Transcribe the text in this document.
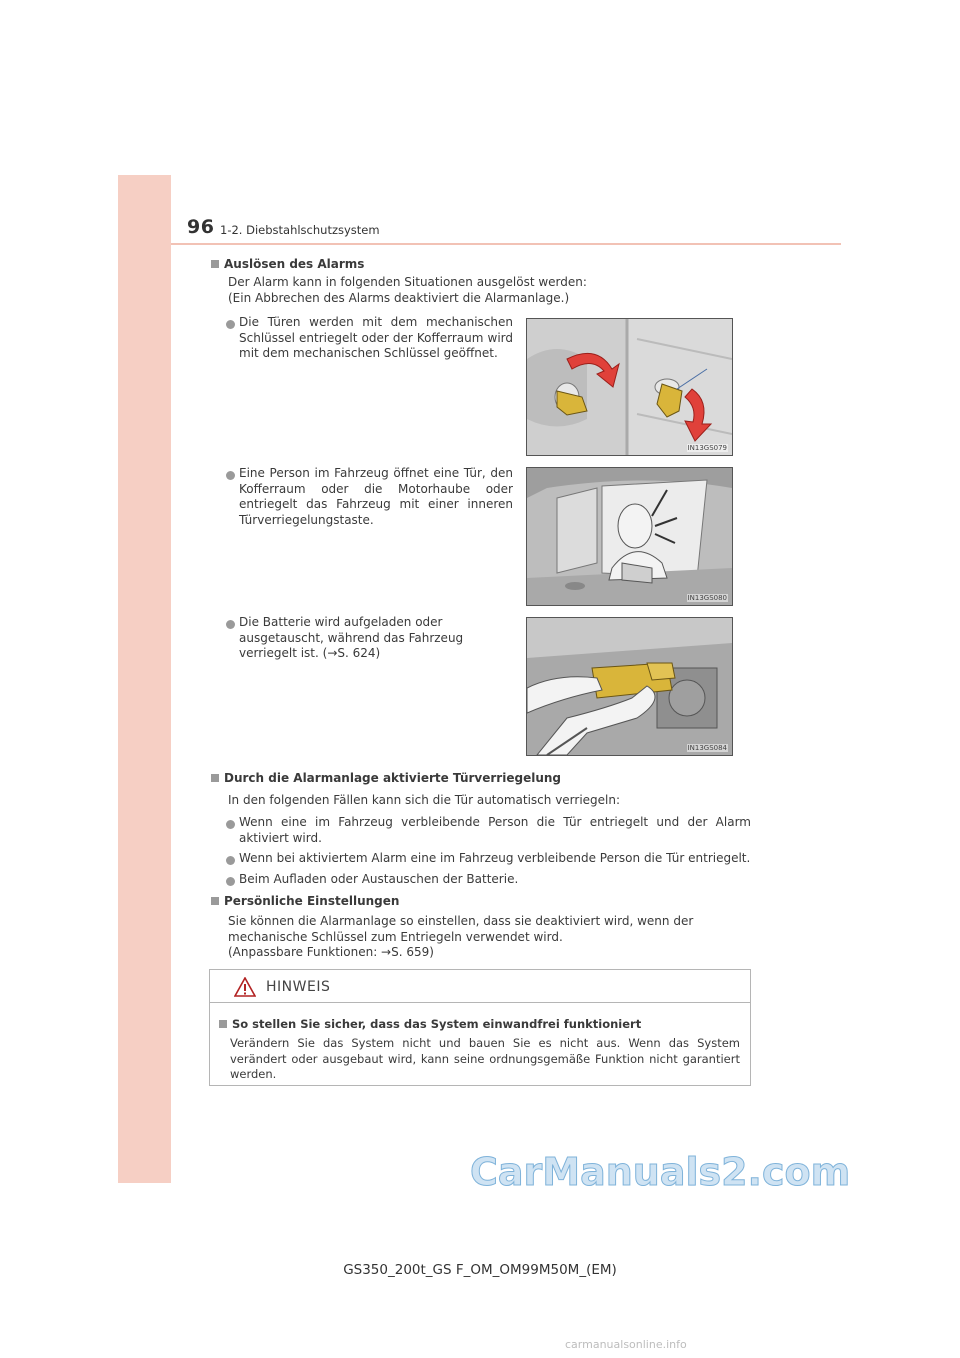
96 1-2. Diebstahlschutzsystem
Auslösen des Alarms
Der Alarm kann in folgenden Situationen ausgelöst werden:
(Ein Abbrechen des Alarms deaktiviert die Alarmanlage.)
Die Türen werden mit dem mechanischen Schlüssel entriegelt oder der Kofferraum wird mit dem mechanischen Schlüssel geöffnet.
IN13GS079
Eine Person im Fahrzeug öffnet eine Tür, den Kofferraum oder die Motorhaube oder entriegelt das Fahrzeug mit einer inneren Türverriegelungstaste.
IN13GS080
Die Batterie wird aufgeladen oder ausgetauscht, während das Fahrzeug verriegelt ist. (→S. 624)
IN13GS084
Durch die Alarmanlage aktivierte Türverriegelung
In den folgenden Fällen kann sich die Tür automatisch verriegeln:
Wenn eine im Fahrzeug verbleibende Person die Tür entriegelt und der Alarm aktiviert wird.
Wenn bei aktiviertem Alarm eine im Fahrzeug verbleibende Person die Tür entriegelt.
Beim Aufladen oder Austauschen der Batterie.
Persönliche Einstellungen
Sie können die Alarmanlage so einstellen, dass sie deaktiviert wird, wenn der mechanische Schlüssel zum Entriegeln verwendet wird.
(Anpassbare Funktionen: →S. 659)
HINWEIS
So stellen Sie sicher, dass das System einwandfrei funktioniert
Verändern Sie das System nicht und bauen Sie es nicht aus. Wenn das System verändert oder ausgebaut wird, kann seine ordnungsgemäße Funktion nicht garantiert werden.
CarManuals2.com
GS350_200t_GS F_OM_OM99M50M_(EM)
carmanualsonline.info
